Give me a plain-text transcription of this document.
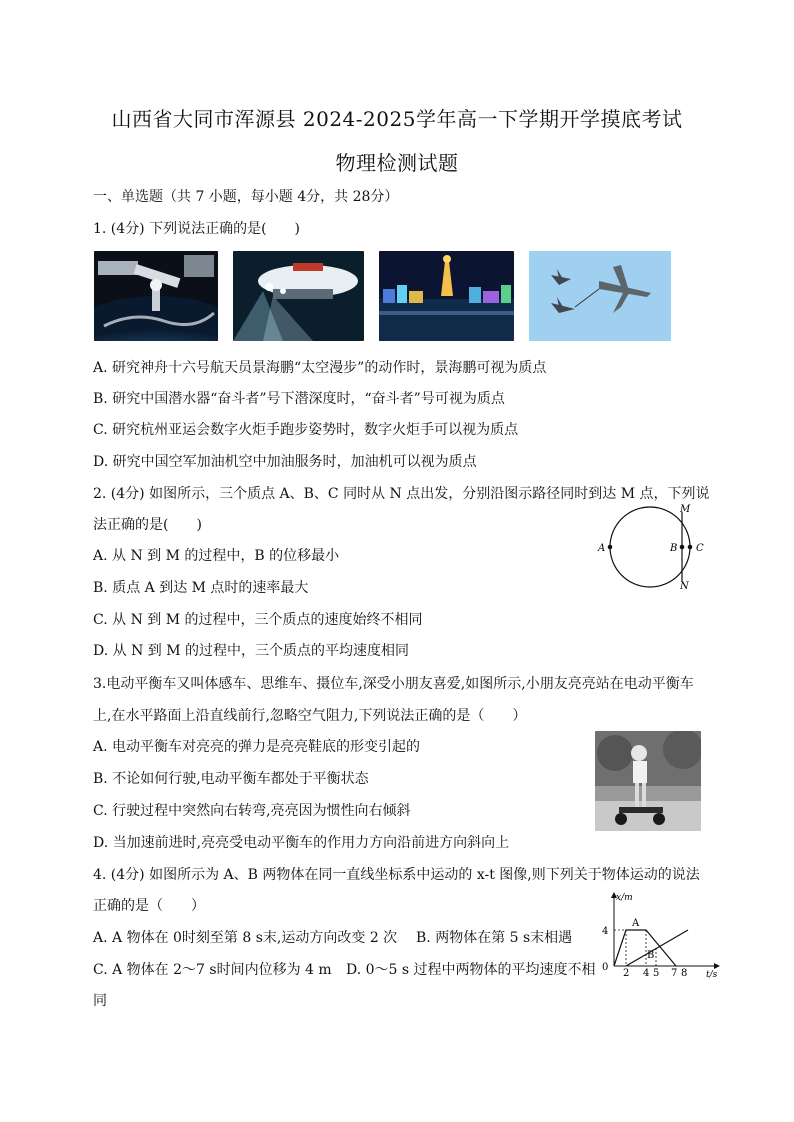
山西省大同市浑源县 2024-2025学年高一下学期开学摸底考试
物理检测试题
一、单选题（共 7 小题，每小题 4分，共 28分）
1. (4分) 下列说法正确的是(　　)
A. 研究神舟十六号航天员景海鹏“太空漫步”的动作时，景海鹏可视为质点
B. 研究中国潜水器“奋斗者”号下潜深度时，“奋斗者”号可视为质点
C. 研究杭州亚运会数字火炬手跑步姿势时，数字火炬手可以视为质点
D. 研究中国空军加油机空中加油服务时，加油机可以视为质点
2. (4分) 如图所示，三个质点 A、B、C 同时从 N 点出发，分别沿图示路径同时到达 M 点，下列说
法正确的是(　　)
A. 从 N 到 M 的过程中，B 的位移最小
B. 质点 A 到达 M 点时的速率最大
C. 从 N 到 M 的过程中，三个质点的速度始终不相同
D. 从 N 到 M 的过程中，三个质点的平均速度相同
M
N
A	B C
3.电动平衡车又叫体感车、思维车、摄位车,深受小朋友喜爱,如图所示,小朋友亮亮站在电动平衡车
上,在水平路面上沿直线前行,忽略空气阻力,下列说法正确的是（　　）
A. 电动平衡车对亮亮的弹力是亮亮鞋底的形变引起的
B. 不论如何行驶,电动平衡车都处于平衡状态
C. 行驶过程中突然向右转弯,亮亮因为惯性向右倾斜
D. 当加速前进时,亮亮受电动平衡车的作用力方向沿前进方向斜向上
4. (4分) 如图所示为 A、B 两物体在同一直线坐标系中运动的 x-t 图像,则下列关于物体运动的说法
正确的是（　　）
A. A 物体在 0时刻至第 8 s末,运动方向改变 2 次 B. 两物体在第 5 s末相遇
C. A 物体在 2～7 s时间内位移为 4 m D. 0～5 s 过程中两物体的平均速度不相
同
x/m
t/s
4
0
2 4 5 7 8
A
B
